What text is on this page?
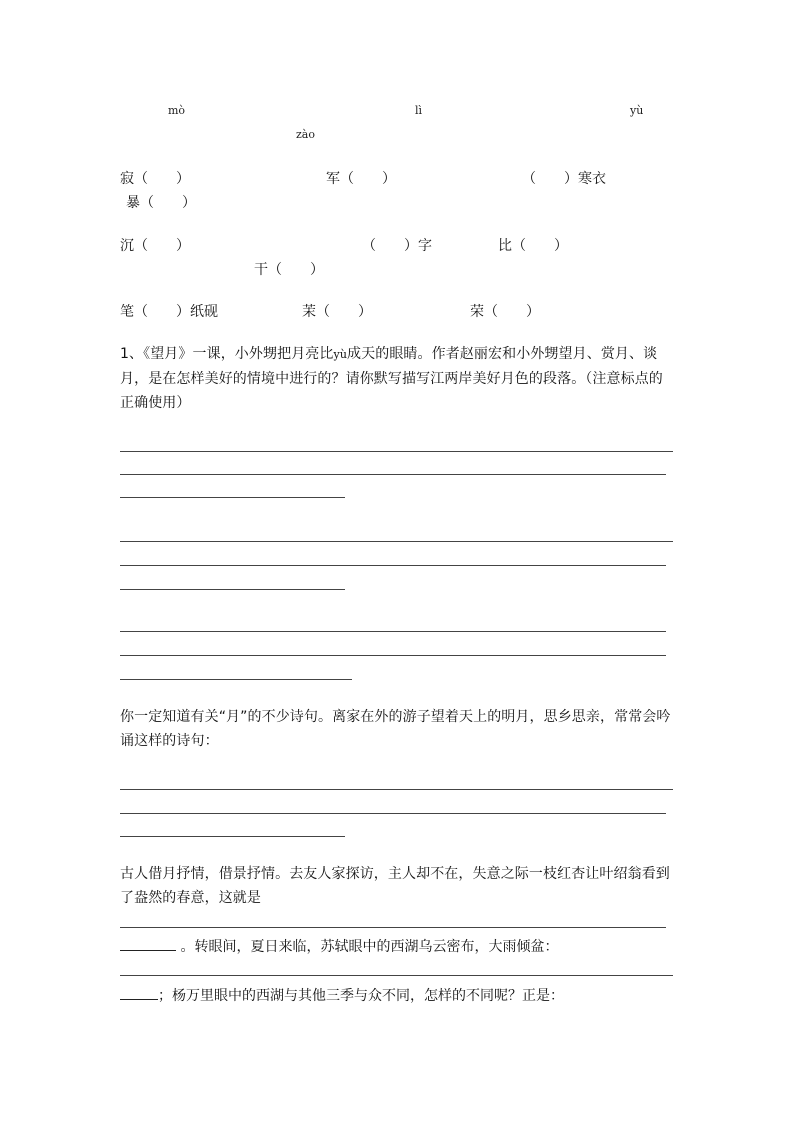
mò	lì	yù
zào
寂（　　）	军（　　）	（　　）寒衣
暴（　　）
沉（　　）	（　　）字	比（　　）
干（　　）
笔（　　）纸砚	茉（　　）	荣（　　）
1、《望月》一课，小外甥把月亮比yù成天的眼睛。作者赵丽宏和小外甥望月、赏月、谈月，是在怎样美好的情境中进行的？请你默写描写江两岸美好月色的段落。（注意标点的正确使用）
你一定知道有关“月”的不少诗句。离家在外的游子望着天上的明月，思乡思亲，常常会吟诵这样的诗句：
古人借月抒情，借景抒情。去友人家探访，主人却不在，失意之际一枝红杏让叶绍翁看到了盎然的春意，这就是
。转眼间，夏日来临，苏轼眼中的西湖乌云密布，大雨倾盆：
；杨万里眼中的西湖与其他三季与众不同，怎样的不同呢？正是：
